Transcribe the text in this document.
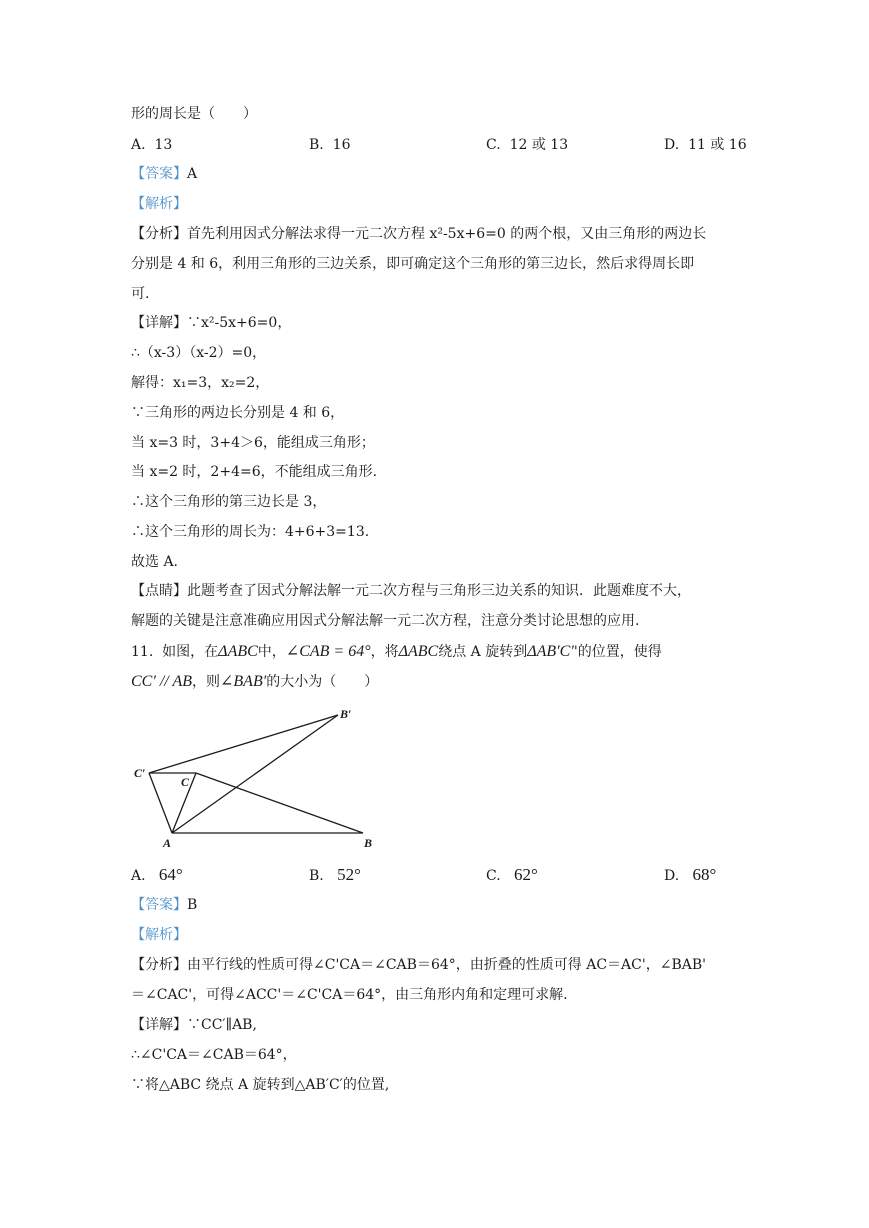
形的周长是（　　）
A. 13	B. 16	C. 12 或 13	D. 11 或 16
【答案】A
【解析】
【分析】首先利用因式分解法求得一元二次方程 x²-5x+6=0 的两个根，又由三角形的两边长
分别是 4 和 6，利用三角形的三边关系，即可确定这个三角形的第三边长，然后求得周长即
可.
【详解】∵x²-5x+6=0，
∴（x-3）（x-2）=0，
解得：x₁=3，x₂=2，
∵三角形的两边长分别是 4 和 6，
当 x=3 时，3+4＞6，能组成三角形；
当 x=2 时，2+4=6，不能组成三角形.
∴这个三角形的第三边长是 3，
∴这个三角形的周长为：4+6+3=13.
故选 A.
【点睛】此题考查了因式分解法解一元二次方程与三角形三边关系的知识．此题难度不大，
解题的关键是注意准确应用因式分解法解一元二次方程，注意分类讨论思想的应用.
11. 如图，在ΔABC中，∠CAB = 64°，将ΔABC绕点 A 旋转到ΔAB′C′'的位置，使得
CC′ // AB，则∠BAB′的大小为（　　）
B′
C′
C
A	B
A. 64°	B. 52°	C. 62°	D. 68°
【答案】B
【解析】
【分析】由平行线的性质可得∠C'CA＝∠CAB＝64°，由折叠的性质可得 AC＝AC'，∠BAB'
＝∠CAC'，可得∠ACC'＝∠C'CA＝64°，由三角形内角和定理可求解.
【详解】∵CC′∥AB,
∴∠C'CA＝∠CAB＝64°，
∵将△ABC 绕点 A 旋转到△AB′C′的位置,
